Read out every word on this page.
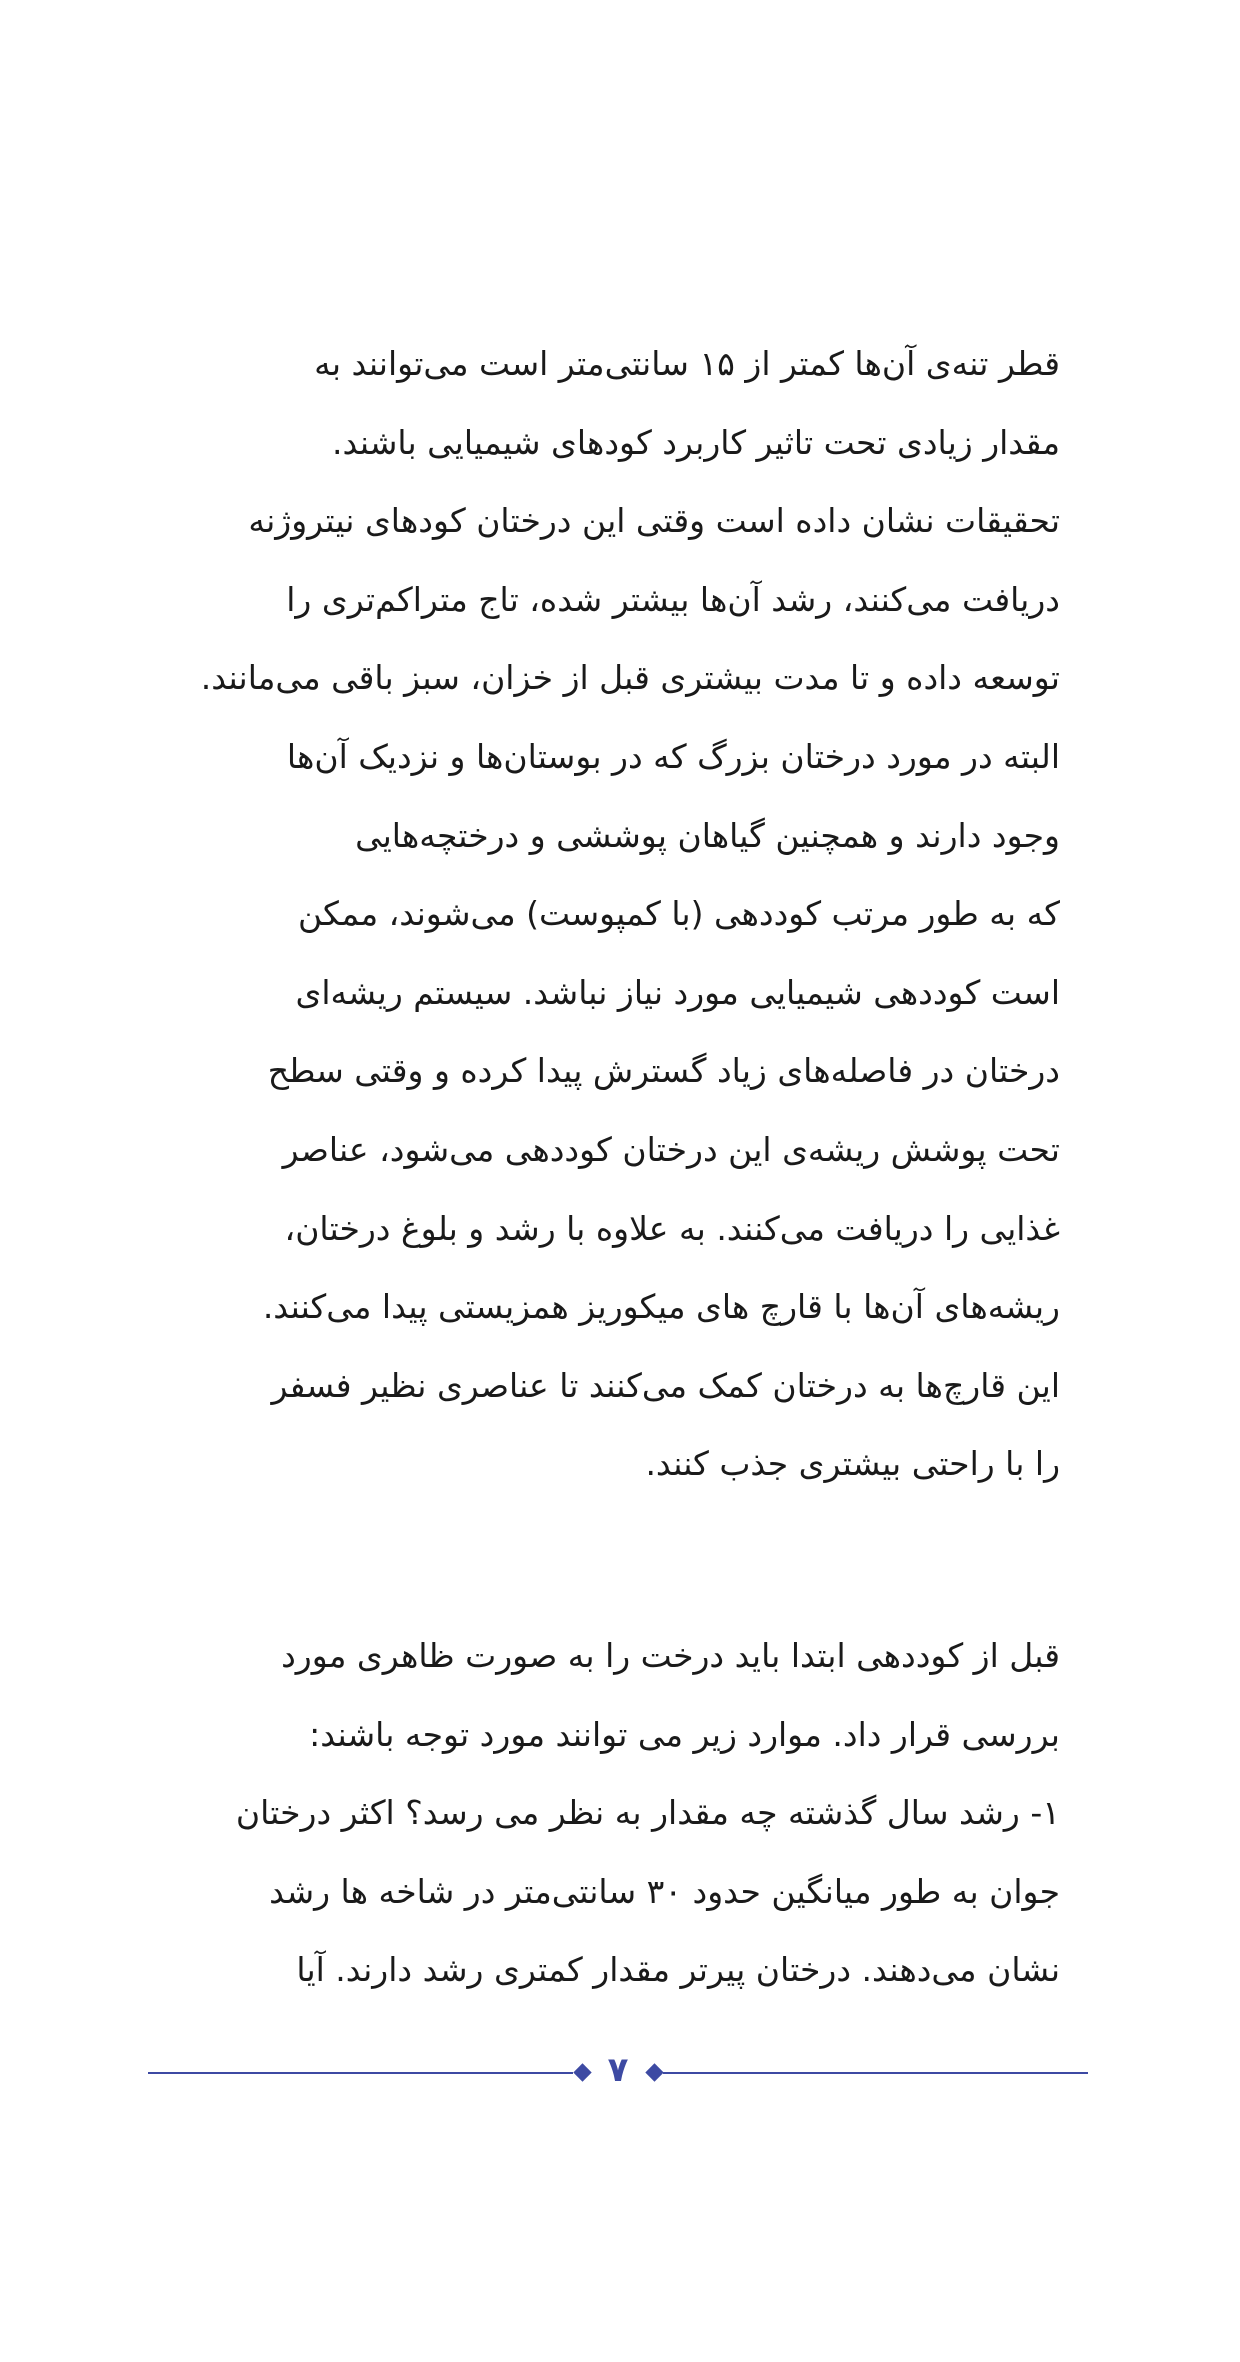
قطر تنه‌ی آن‌ها کمتر از ۱۵ سانتی‌متر است می‌توانند به
مقدار زیادی تحت تاثیر کاربرد کودهای شیمیایی باشند.
تحقیقات نشان داده است وقتی این درختان کودهای نیتروژنه
دریافت می‌کنند، رشد آن‌ها بیشتر شده، تاج متراکم‌تری را
توسعه داده و تا مدت بیشتری قبل از خزان، سبز باقی می‌مانند.
البته در مورد درختان بزرگ که در بوستان‌ها و نزدیک آن‌ها
وجود دارند و همچنین گیاهان پوششی و درختچه‌هایی
که به طور مرتب کوددهی (با کمپوست) می‌شوند، ممکن
است کوددهی شیمیایی مورد نیاز نباشد. سیستم ریشه‌ای
درختان در فاصله‌های زیاد گسترش پیدا کرده و وقتی سطح
تحت پوشش ریشه‌ی این درختان کوددهی می‌شود، عناصر
غذایی را دریافت می‌کنند. به علاوه با رشد و بلوغ درختان،
ریشه‌های آن‌ها با قارچ های میکوریز همزیستی پیدا می‌کنند.
این قارچ‌ها به درختان کمک می‌کنند تا عناصری نظیر فسفر
را با راحتی بیشتری جذب کنند.
قبل از کوددهی ابتدا باید درخت را به صورت ظاهری مورد
بررسی قرار داد. موارد زیر می توانند مورد توجه باشند:
۱- رشد سال گذشته چه مقدار به نظر می رسد؟ اکثر درختان
جوان به طور میانگین حدود ۳۰ سانتی‌متر در شاخه ها رشد
نشان می‌دهند. درختان پیرتر مقدار کمتری رشد دارند. آیا
۷
